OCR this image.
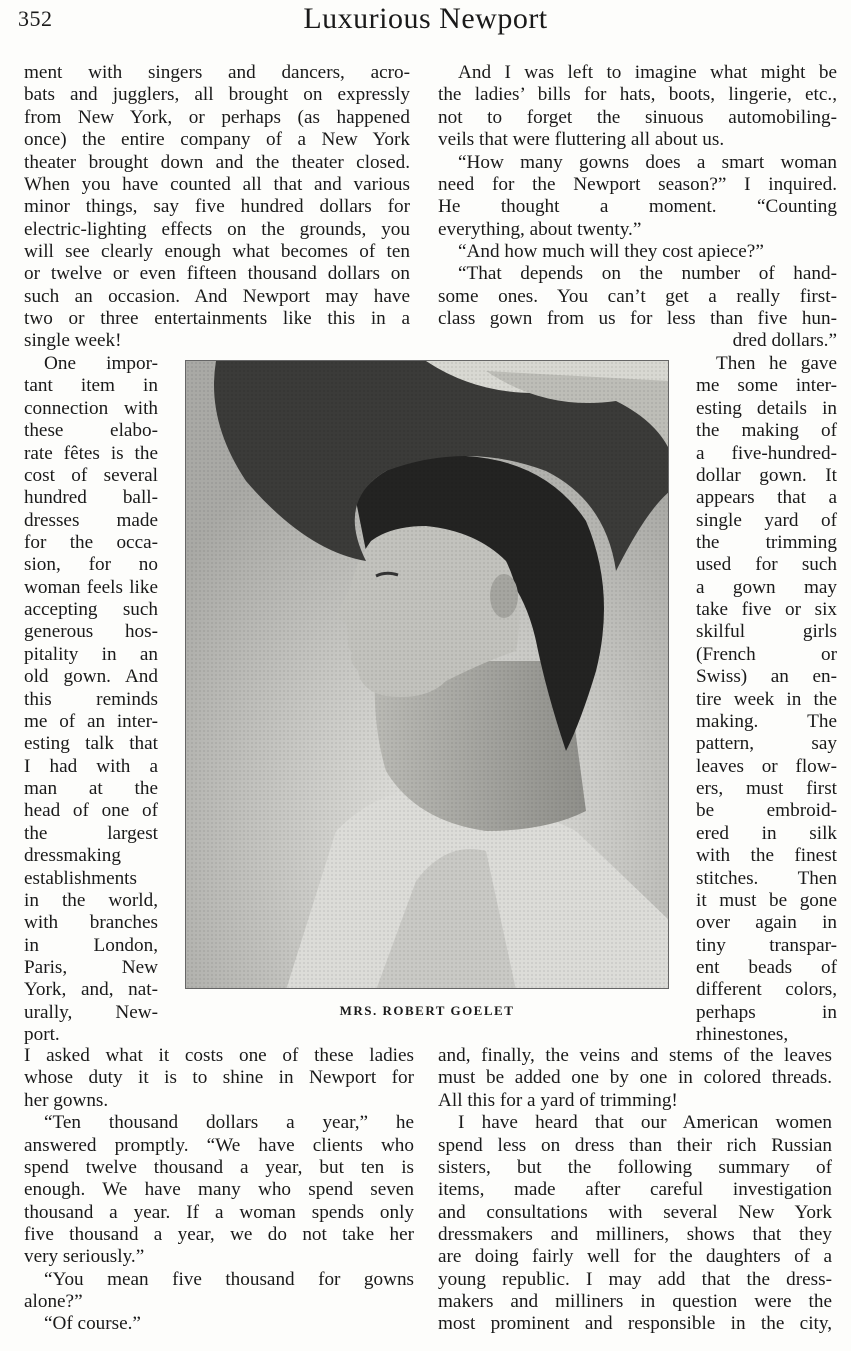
352	Luxurious Newport
ment with singers and dancers, acro-
bats and jugglers, all brought on expressly
from New York, or perhaps (as happened
once) the entire company of a New York
theater brought down and the theater closed.
When you have counted all that and various
minor things, say five hundred dollars for
electric-lighting effects on the grounds, you
will see clearly enough what becomes of ten
or twelve or even fifteen thousand dollars on
such an occasion. And Newport may have
two or three entertainments like this in a
single week!
One impor-
tant item in
connection with
these elabo-
rate fêtes is the
cost of several
hundred ball-
dresses made
for the occa-
sion, for no
woman feels like
accepting such
generous hos-
pitality in an
old gown. And
this reminds
me of an inter-
esting talk that
I had with a
man at the
head of one of
the largest
dressmaking
establishments
in the world,
with branches
in London,
Paris, New
York, and, nat-
urally, New-
port.
I asked what it costs one of these ladies
whose duty it is to shine in Newport for
her gowns.
“Ten thousand dollars a year,” he
answered promptly. “We have clients who
spend twelve thousand a year, but ten is
enough. We have many who spend seven
thousand a year. If a woman spends only
five thousand a year, we do not take her
very seriously.”
“You mean five thousand for gowns
alone?”
“Of course.”
And I was left to imagine what might be
the ladies’ bills for hats, boots, lingerie, etc.,
not to forget the sinuous automobiling-
veils that were fluttering all about us.
“How many gowns does a smart woman
need for the Newport season?” I inquired.
He thought a moment. “Counting
everything, about twenty.”
“And how much will they cost apiece?”
“That depends on the number of hand-
some ones. You can’t get a really first-
class gown from us for less than five hun-
dred dollars.”
Then he gave
me some inter-
esting details in
the making of
a five-hundred-
dollar gown. It
appears that a
single yard of
the trimming
used for such
a gown may
take five or six
skilful girls
(French or
Swiss) an en-
tire week in the
making. The
pattern, say
leaves or flow-
ers, must first
be embroid-
ered in silk
with the finest
stitches. Then
it must be gone
over again in
tiny transpar-
ent beads of
different colors,
perhaps in
rhinestones,
and, finally, the veins and stems of the leaves
must be added one by one in colored threads.
All this for a yard of trimming!
I have heard that our American women
spend less on dress than their rich Russian
sisters, but the following summary of
items, made after careful investigation
and consultations with several New York
dressmakers and milliners, shows that they
are doing fairly well for the daughters of a
young republic. I may add that the dress-
makers and milliners in question were the
most prominent and responsible in the city,
MRS. ROBERT GOELET
